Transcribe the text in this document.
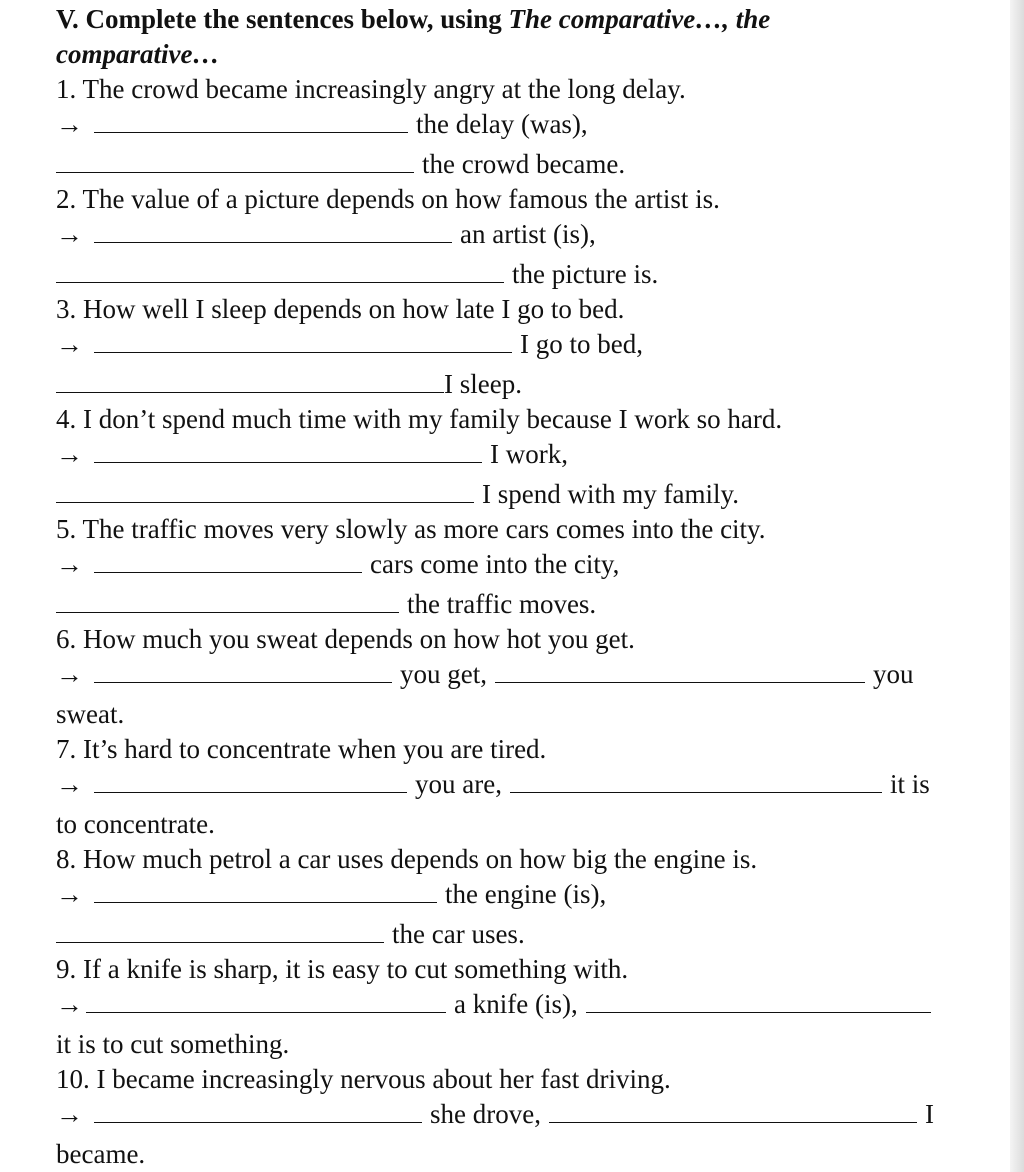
V. Complete the sentences below, using The comparative…, the
comparative…
1. The crowd became increasingly angry at the long delay.
→	the delay (was),
the crowd became.
2. The value of a picture depends on how famous the artist is.
→	an artist (is),
the picture is.
3. How well I sleep depends on how late I go to bed.
→	I go to bed,
I sleep.
4. I don’t spend much time with my family because I work so hard.
→	I work,
I spend with my family.
5. The traffic moves very slowly as more cars comes into the city.
→	cars come into the city,
the traffic moves.
6. How much you sweat depends on how hot you get.
→	you get,	you
sweat.
7. It’s hard to concentrate when you are tired.
→	you are,	it is
to concentrate.
8. How much petrol a car uses depends on how big the engine is.
→	the engine (is),
the car uses.
9. If a knife is sharp, it is easy to cut something with.
→	a knife (is),
it is to cut something.
10. I became increasingly nervous about her fast driving.
→	she drove,	I
became.
